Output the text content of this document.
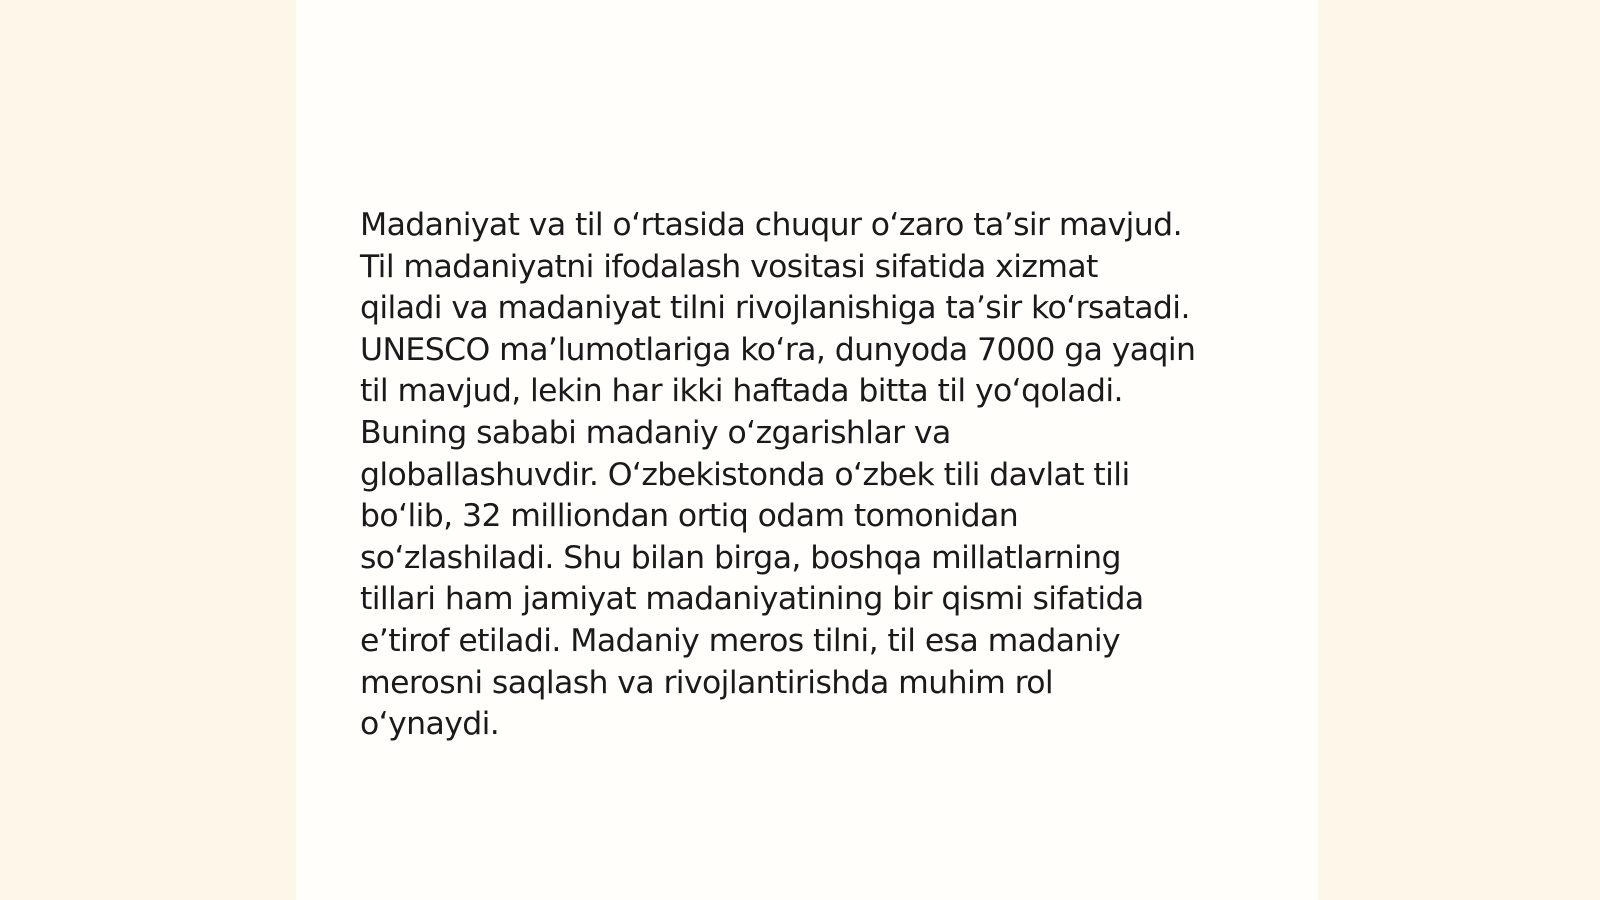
Madaniyat va til oʻrtasida chuqur oʻzaro taʼsir mavjud.
Til madaniyatni ifodalash vositasi sifatida xizmat
qiladi va madaniyat tilni rivojlanishiga taʼsir koʻrsatadi.
UNESCO maʼlumotlariga koʻra, dunyoda 7000 ga yaqin
til mavjud, lekin har ikki haftada bitta til yoʻqoladi.
Buning sababi madaniy oʻzgarishlar va
globallashuvdir. Oʻzbekistonda oʻzbek tili davlat tili
boʻlib, 32 milliondan ortiq odam tomonidan
soʻzlashiladi. Shu bilan birga, boshqa millatlarning
tillari ham jamiyat madaniyatining bir qismi sifatida
eʼtirof etiladi. Madaniy meros tilni, til esa madaniy
merosni saqlash va rivojlantirishda muhim rol
oʻynaydi.
